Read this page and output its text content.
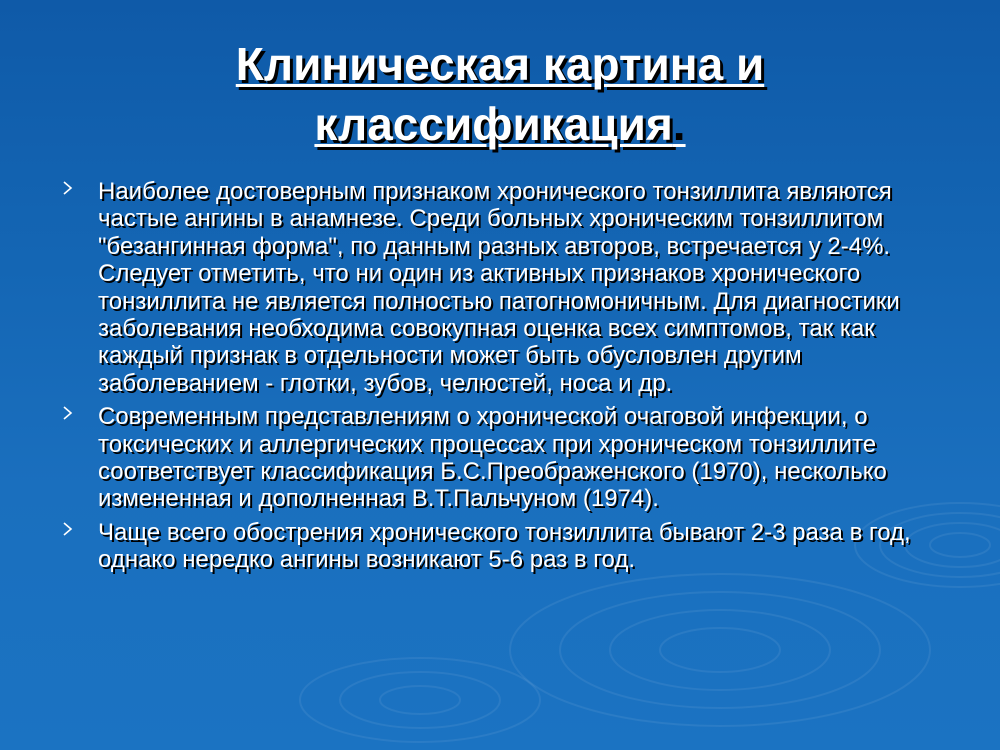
Клиническая картина и
классификация.
Наиболее достоверным признаком хронического тонзиллита являются частые ангины в анамнезе. Среди больных хроническим тонзиллитом "безангинная форма", по данным разных авторов, встречается у 2-4%. Следует отметить, что ни один из активных признаков хронического тонзиллита не является полностью патогномоничным. Для диагностики заболевания необходима совокупная оценка всех симптомов, так как каждый признак в отдельности может быть обусловлен другим заболеванием - глотки, зубов, челюстей, носа и др.
Современным представлениям о хронической очаговой инфекции, о токсических и аллергических процессах при хроническом тонзиллите соответствует классификация Б.С.Преображенского (1970), несколько измененная и дополненная В.Т.Пальчуном (1974).
Чаще всего обострения хронического тонзиллита бывают 2-3 раза в год, однако нередко ангины возникают 5-6 раз в год.
